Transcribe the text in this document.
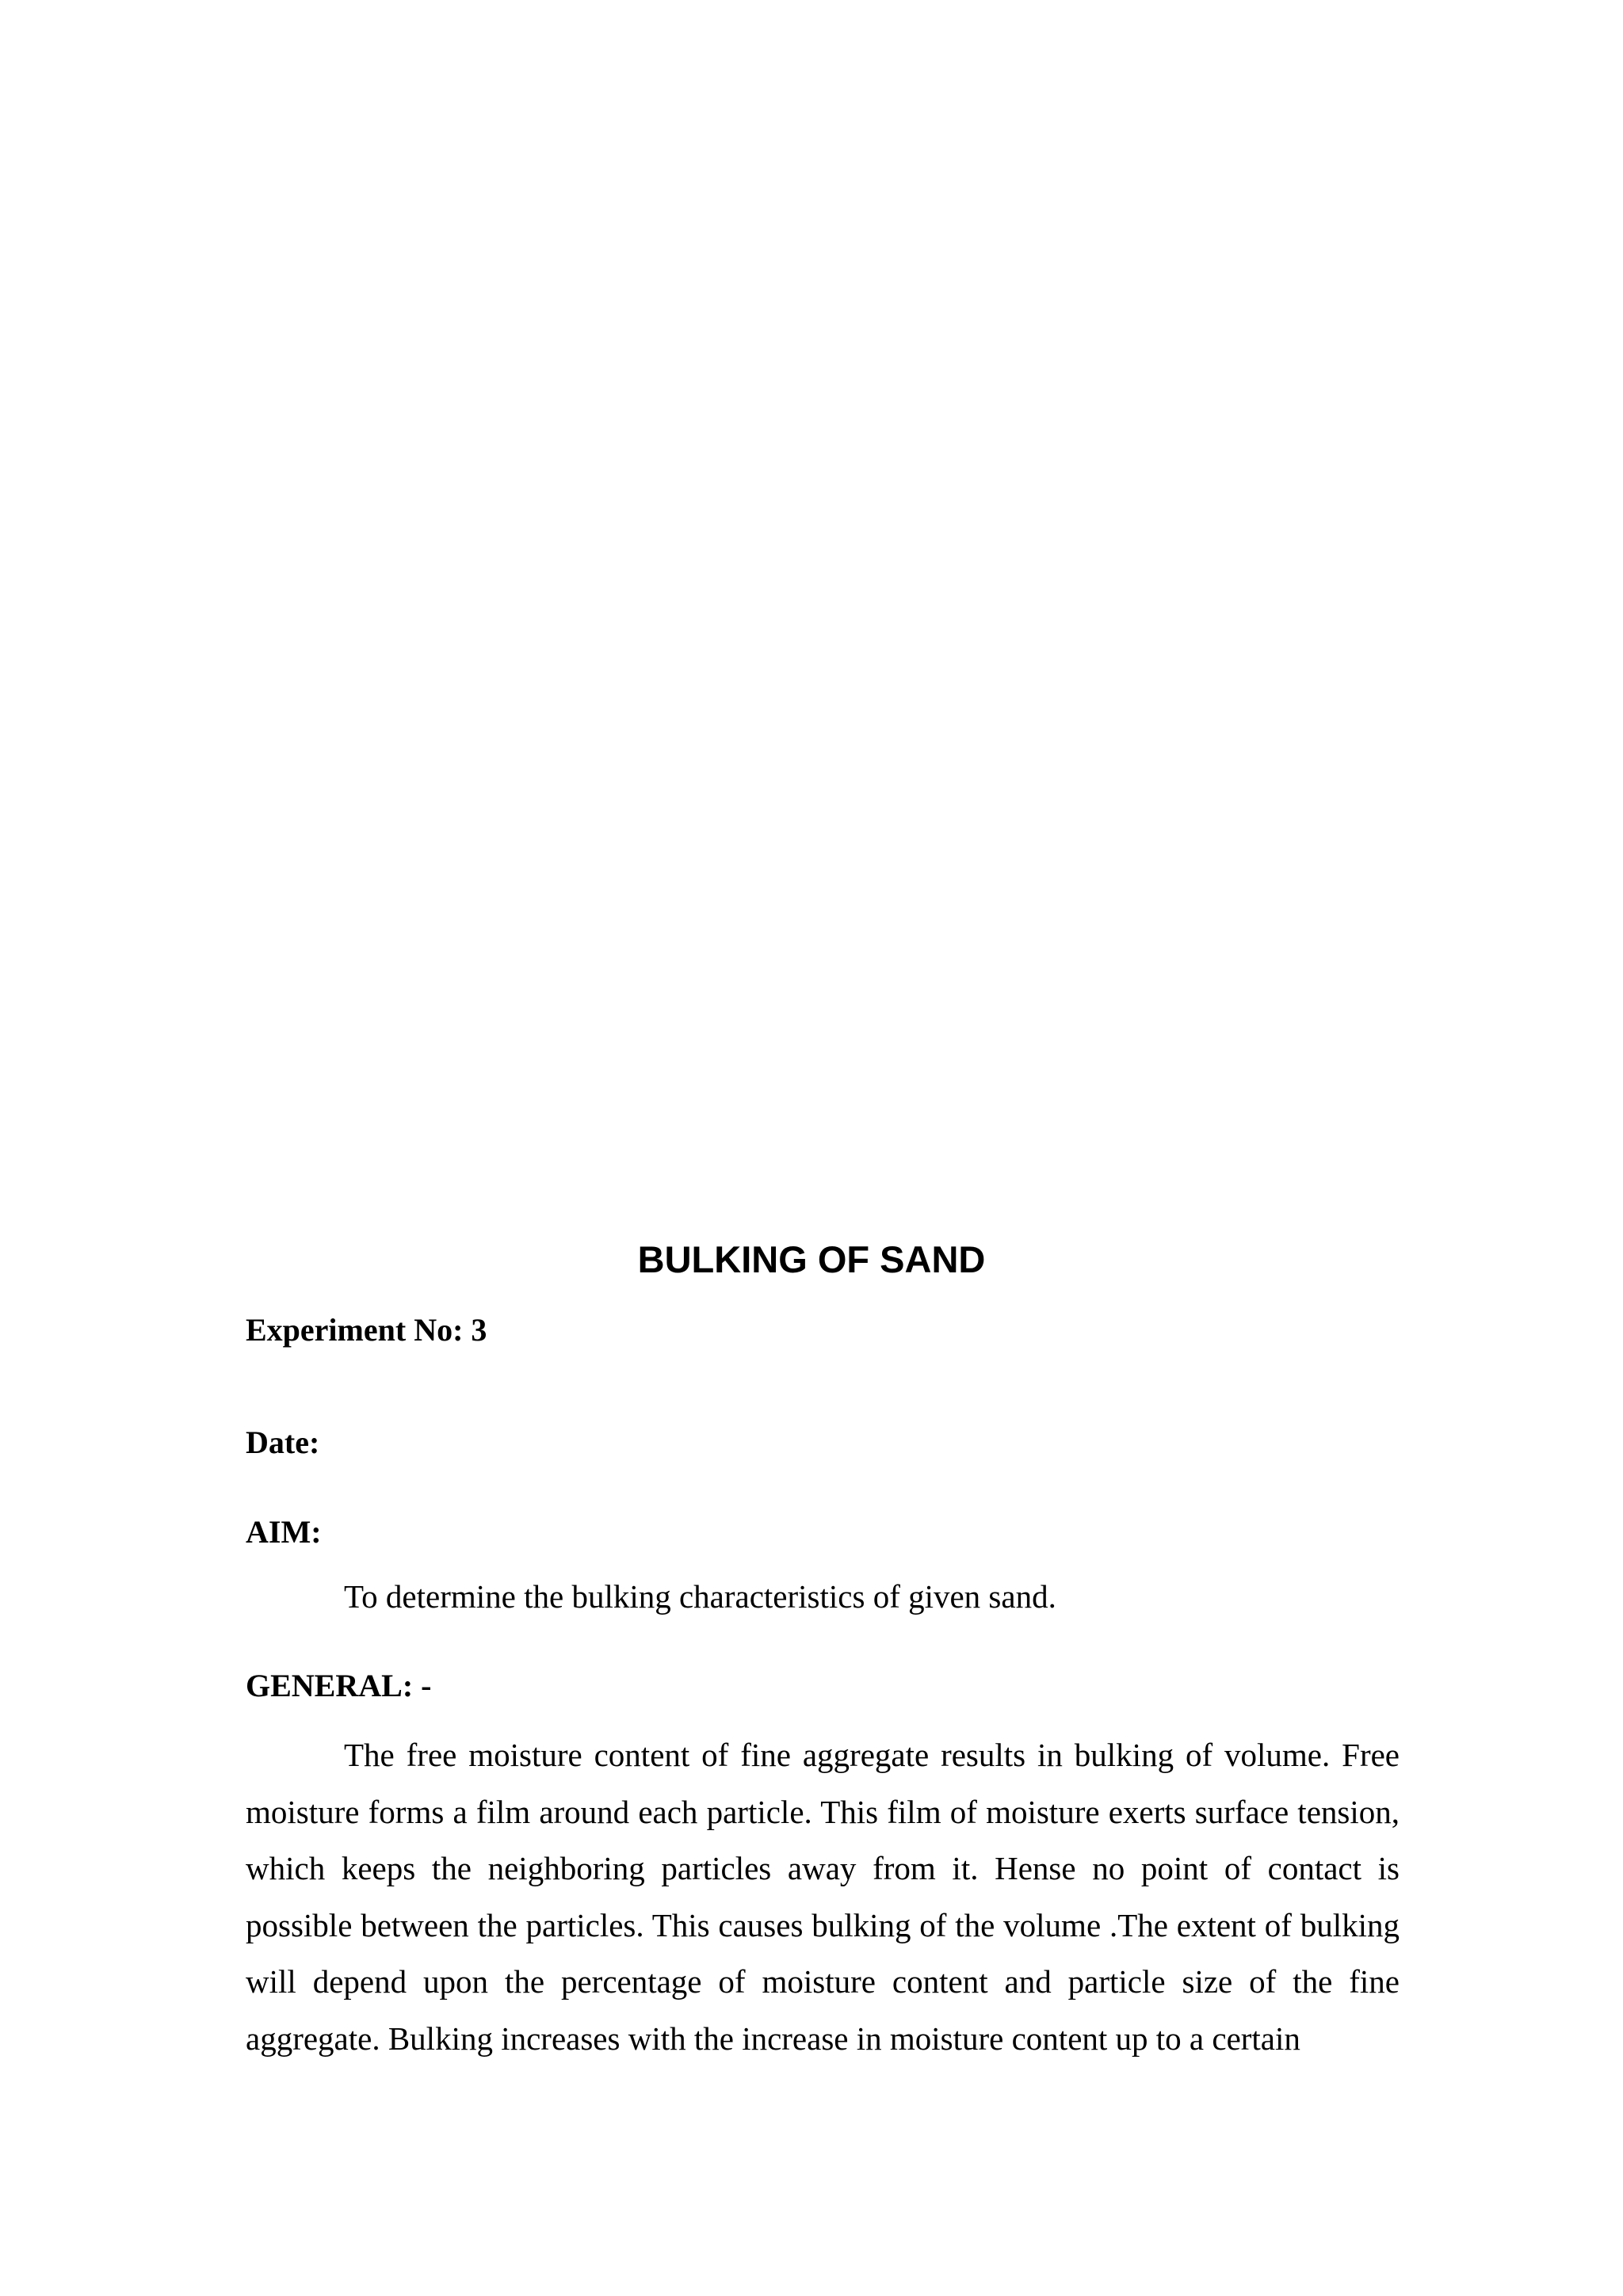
BULKING OF SAND
Experiment No: 3
Date:
AIM:

To determine the bulking characteristics of given sand.

GENERAL: -

The free moisture content of fine aggregate results in bulking of volume. Free moisture forms a film around each particle. This film of moisture exerts surface tension, which keeps the neighboring particles away from it. Hense no point of contact is possible between the particles. This causes bulking of the volume .The extent of bulking will depend upon the percentage of moisture content and particle size of the fine aggregate. Bulking increases with the increase in moisture content up to a certain
